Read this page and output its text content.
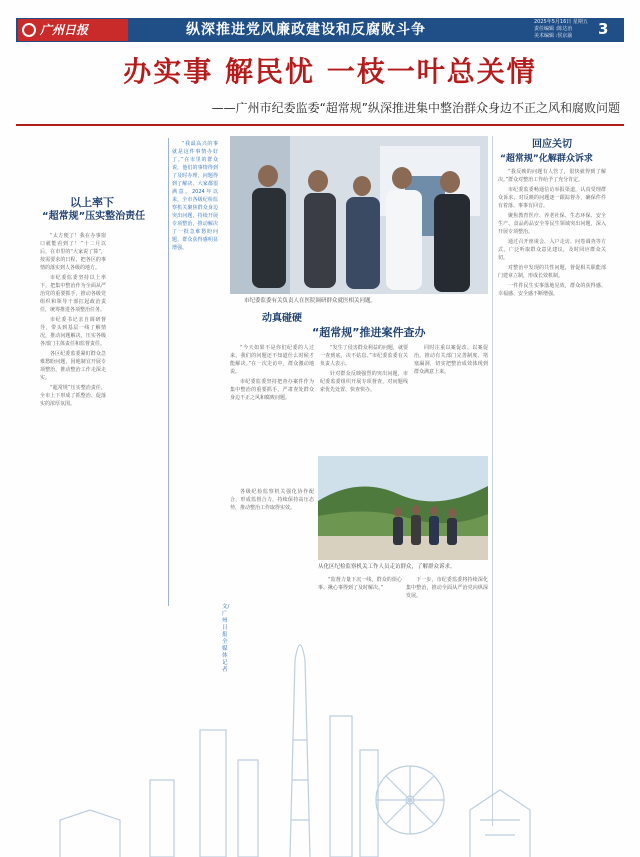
广州日报	纵深推进党风廉政建设和反腐败斗争	2025年5月16日 星期五
责任编辑 :陈达治
美术编辑 :侯京渝	3
办实事 解民忧 一枝一叶总关情
——广州市纪委监委“超常规”纵深推进集中整治群众身边不正之风和腐败问题
以上率下
“超常规”压实整治责任

“太方便了！我在办事窗口就能看到了！”十二月以后，在市里的“大家说了算”，按需要求的日程，把各区的事情的落实到人各级的地方。

市纪委监委坚持以上率下，把集中整治作为全面从严治党的重要抓手，推动各级党组织和领导干部扛起政治责任，统筹推进各项整治任务。

市纪委书记亲自调研督导，带头到基层一线了解情况，推动问题解决，压实各级各部门主体责任和监督责任。

各区纪委监委紧盯群众急难愁盼问题，因地制宜开展专项整治，推动整治工作走深走实。

“超常规”压实整治责任，全市上下形成了抓整治、促落实的浓厚氛围。

“我最高兴的事就是这件事情办好了。”在市里的群众说，他们的事情得到了及时办理，问题得到了解决，大家都很满意。2024年以来，全市各级纪检监察机关聚焦群众身边突出问题，持续开展专项整治，推动解决了一批急难愁盼问题，群众获得感明显增强。

文/广州日报全媒体记者
市纪委监委有关负责人在医院调研群众就医相关问题。
动真碰硬
“超常规”推进案件查办

“今天如果不是你们纪委的人过来，我们的问题还不知道什么时候才能解决。”在一次走访中，群众激动地说。

市纪委监委坚持把查办案件作为集中整治的重要抓手，严肃查处群众身边不正之风和腐败问题。

“发生了侵害群众利益的问题，就要一查到底，决不姑息。”市纪委监委有关负责人表示。

针对群众反映强烈的突出问题，市纪委监委组织开展专项督查，对问题线索优先处置、快查快办。

同时注重以案促改、以案促治，推动有关部门完善制度、堵塞漏洞，切实把整治成效体现到群众满意上来。

各级纪检监察机关强化协作配合，形成监督合力，持续保持高压态势，推动整治工作取得实效。

从化区纪检监察机关工作人员走访群众，了解群众诉求。

“监督力量下沉一线，群众的烦心事、揪心事得到了及时解决。”

下一步，市纪委监委将持续深化集中整治，推动全面从严治党向纵深发展。

回应关切
“超常规”化解群众诉求

“我反映的问题有人管了，很快就得到了解决。”群众对整治工作给予了充分肯定。

市纪委监委畅通信访举报渠道，认真受理群众诉求，对反映的问题逐一跟踪督办，确保件件有着落、事事有回音。

聚焦教育医疗、养老社保、生态环保、安全生产、食品药品安全等民生领域突出问题，深入开展专项整治。

通过召开座谈会、入户走访、问卷调查等方式，广泛听取群众意见建议，及时回应群众关切。

对整治中发现的共性问题，督促相关职能部门建章立制，形成长效机制。

一件件民生实事落地见效，群众的获得感、幸福感、安全感不断增强。
